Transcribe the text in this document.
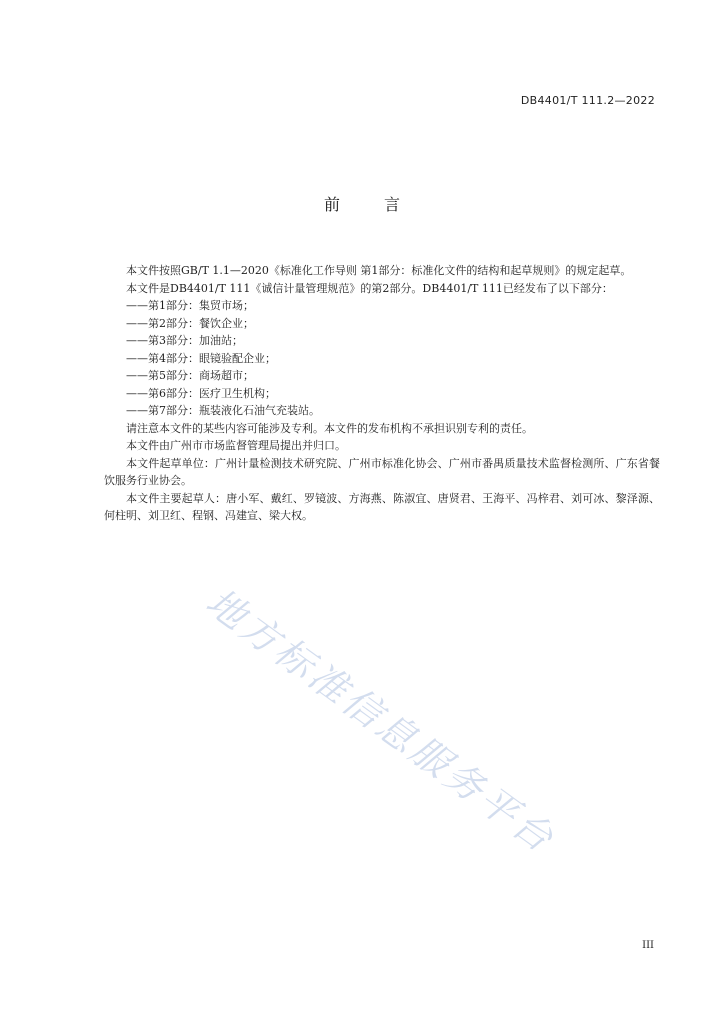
DB4401/T 111.2—2022
前	言

本文件按照GB/T 1.1—2020《标准化工作导则 第1部分：标准化文件的结构和起草规则》的规定起草。

本文件是DB4401/T 111《诚信计量管理规范》的第2部分。DB4401/T 111已经发布了以下部分：

——第1部分：集贸市场；

——第2部分：餐饮企业；

——第3部分：加油站；

——第4部分：眼镜验配企业；

——第5部分：商场超市；

——第6部分：医疗卫生机构；

——第7部分：瓶装液化石油气充装站。

请注意本文件的某些内容可能涉及专利。本文件的发布机构不承担识别专利的责任。

本文件由广州市市场监督管理局提出并归口。

本文件起草单位：广州计量检测技术研究院、广州市标准化协会、广州市番禺质量技术监督检测所、广东省餐饮服务行业协会。

本文件主要起草人：唐小军、戴红、罗镜波、方海燕、陈淑宜、唐贤君、王海平、冯梓君、刘可冰、黎泽源、何柱明、刘卫红、程钢、冯建宣、梁大权。

地方标准信息服务平台
III
